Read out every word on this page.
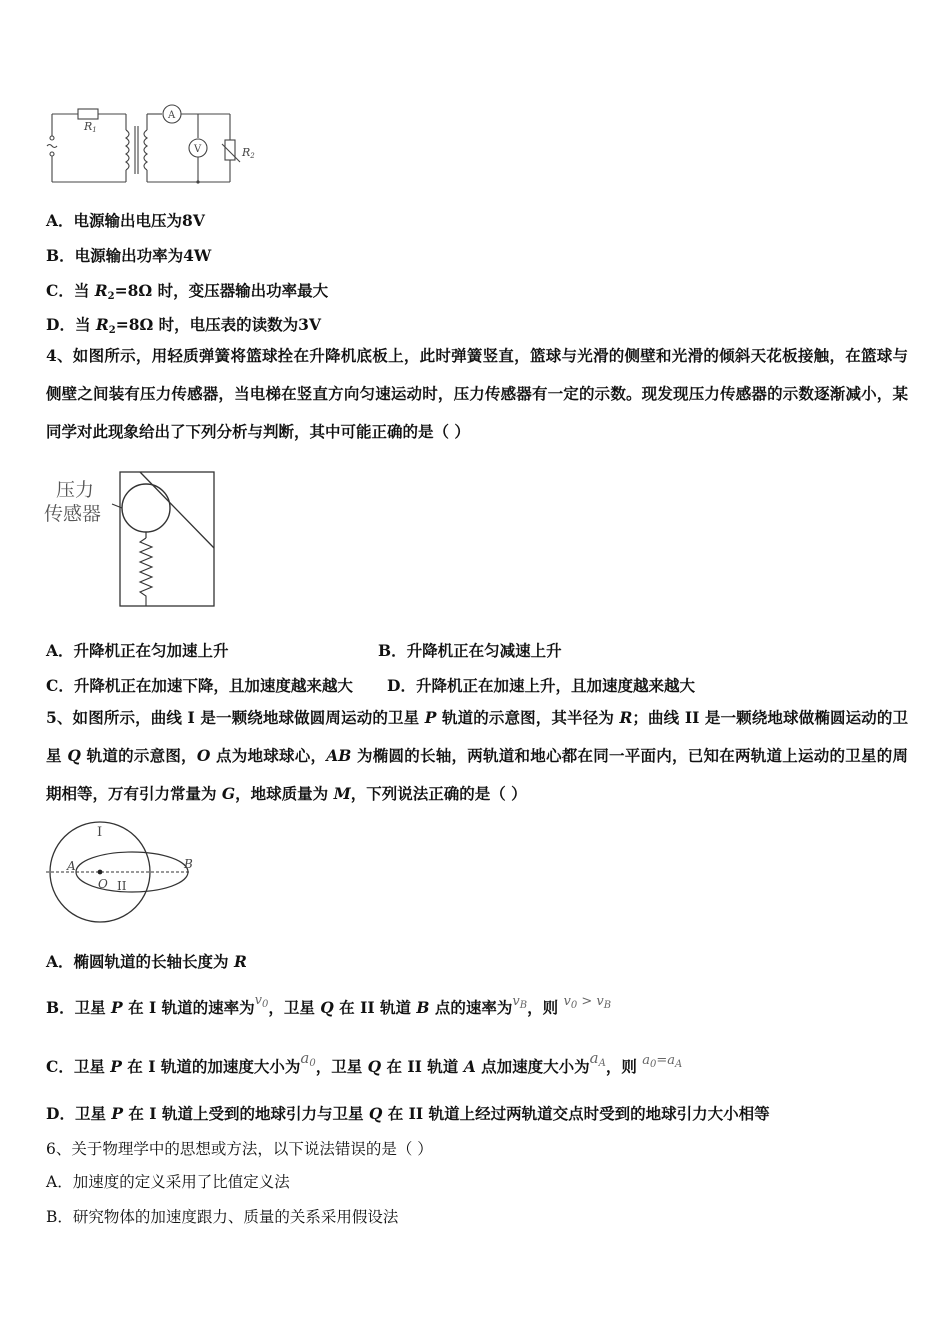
R1
A
V	R2
A．电源输出电压为8V
B．电源输出功率为4W
C．当 $R_2=8\Omega$ 时，变压器输出功率最大
D．当 $R_2=8\Omega$ 时，电压表的读数为3V
4、如图所示，用轻质弹簧将篮球拴在升降机底板上，此时弹簧竖直，篮球与光滑的侧壁和光滑的倾斜天花板接触，在篮球与侧壁之间装有压力传感器，当电梯在竖直方向匀速运动时，压力传感器有一定的示数。现发现压力传感器的示数逐渐减小，某同学对此现象给出了下列分析与判断，其中可能正确的是（ ）
压力
传感器
A．升降机正在匀加速上升	B．升降机正在匀减速上升
C．升降机正在加速下降，且加速度越来越大 D．升降机正在加速上升，且加速度越来越大
5、如图所示，曲线 I 是一颗绕地球做圆周运动的卫星 P 轨道的示意图，其半径为 R；曲线 II 是一颗绕地球做椭圆运动的卫星 Q 轨道的示意图，O 点为地球球心，AB 为椭圆的长轴，两轨道和地心都在同一平面内，已知在两轨道上运动的卫星的周期相等，万有引力常量为 G，地球质量为 M，下列说法正确的是（ ）
I
II
A	B
O
A．椭圆轨道的长轴长度为 R
B．卫星 P 在 I 轨道的速率为$^{v_0}$，卫星 Q 在 II 轨道 B 点的速率为$^{v_B}$，则 $^{v_0 > v_B}$
C．卫星 P 在 I 轨道的加速度大小为$a_0$，卫星 Q 在 II 轨道 A 点加速度大小为$a_A$，则 $^{a_0=a_A}$
D．卫星 P 在 I 轨道上受到的地球引力与卫星 Q 在 II 轨道上经过两轨道交点时受到的地球引力大小相等
6、关于物理学中的思想或方法，以下说法错误的是（ ）
A．加速度的定义采用了比值定义法
B．研究物体的加速度跟力、质量的关系采用假设法
